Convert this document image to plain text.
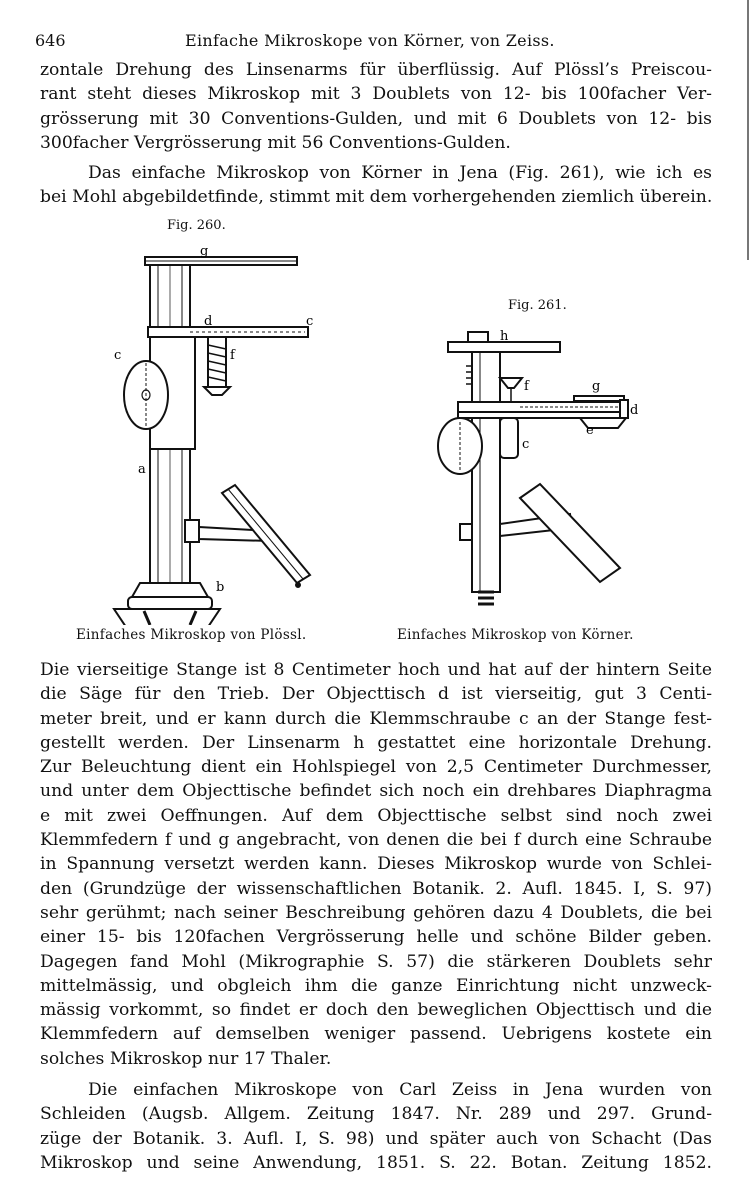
646	Einfache Mikroskope von Körner, von Zeiss.
zontale Drehung des Linsenarms für überflüssig. Auf Plössl’s Preiscou-
rant steht dieses Mikroskop mit 3 Doublets von 12- bis 100facher Ver-
grösserung mit 30 Conventions-Gulden, und mit 6 Doublets von 12- bis
300facher Vergrösserung mit 56 Conventions-Gulden.
Das einfache Mikroskop von Körner in Jena (Fig. 261), wie ich es
bei Mohl abgebildetfinde, stimmt mit dem vorhergehenden ziemlich überein.
Fig. 260.
Fig. 261.
g
d	c
c	f
a
b
h
f	g
d
e
c
Einfaches Mikroskop von Plössl.	Einfaches Mikroskop von Körner.
Die vierseitige Stange ist 8 Centimeter hoch und hat auf der hintern Seite
die Säge für den Trieb. Der Objecttisch d ist vierseitig, gut 3 Centi-
meter breit, und er kann durch die Klemmschraube c an der Stange fest-
gestellt werden. Der Linsenarm h gestattet eine horizontale Drehung.
Zur Beleuchtung dient ein Hohlspiegel von 2,5 Centimeter Durchmesser,
und unter dem Objecttische befindet sich noch ein drehbares Diaphragma
e mit zwei Oeffnungen. Auf dem Objecttische selbst sind noch zwei
Klemmfedern f und g angebracht, von denen die bei f durch eine Schraube
in Spannung versetzt werden kann. Dieses Mikroskop wurde von Schlei-
den (Grundzüge der wissenschaftlichen Botanik. 2. Aufl. 1845. I, S. 97)
sehr gerühmt; nach seiner Beschreibung gehören dazu 4 Doublets, die bei
einer 15- bis 120fachen Vergrösserung helle und schöne Bilder geben.
Dagegen fand Mohl (Mikrographie S. 57) die stärkeren Doublets sehr
mittelmässig, und obgleich ihm die ganze Einrichtung nicht unzweck-
mässig vorkommt, so findet er doch den beweglichen Objecttisch und die
Klemmfedern auf demselben weniger passend. Uebrigens kostete ein
solches Mikroskop nur 17 Thaler.
Die einfachen Mikroskope von Carl Zeiss in Jena wurden von
Schleiden (Augsb. Allgem. Zeitung 1847. Nr. 289 und 297. Grund-
züge der Botanik. 3. Aufl. I, S. 98) und später auch von Schacht (Das
Mikroskop und seine Anwendung, 1851. S. 22. Botan. Zeitung 1852.
